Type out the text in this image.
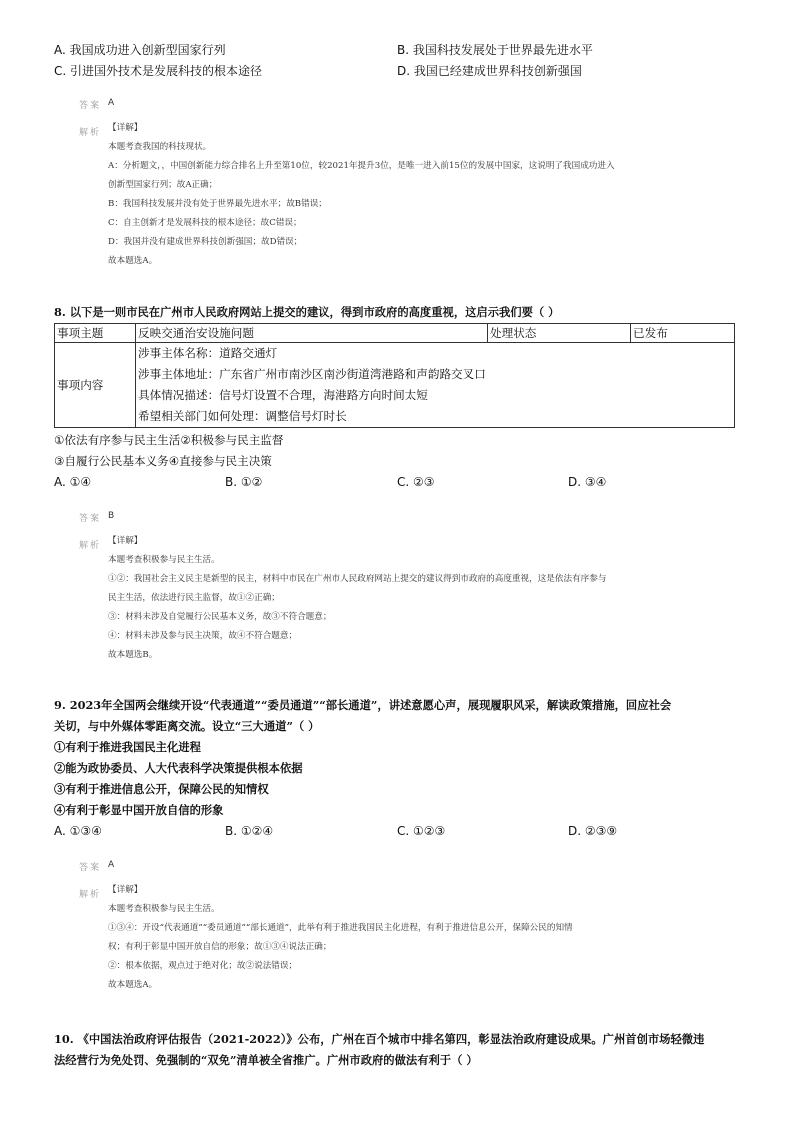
A. 我国成功进入创新型国家行列	B. 我国科技发展处于世界最先进水平
C. 引进国外技术是发展科技的根本途径	D. 我国已经建成世界科技创新强国
答案 A
解析 【详解】
本题考查我国的科技现状。
A：分析题文，，中国创新能力综合排名上升至第10位，较2021年提升3位，是唯一进入前15位的发展中国家，这说明了我国成功进入
创新型国家行列；故A正确；
B：我国科技发展并没有处于世界最先进水平；故B错误；
C：自主创新才是发展科技的根本途径；故C错误；
D：我国并没有建成世界科技创新强国；故D错误；
故本题选A。
8. 以下是一则市民在广州市人民政府网站上提交的建议，得到市政府的高度重视，这启示我们要（ ）
事项主题	反映交通治安设施问题	处理状态	已发布
事项内容	涉事主体名称：道路交通灯
涉事主体地址：广东省广州市南沙区南沙街道湾港路和声韵路交叉口
具体情况描述：信号灯设置不合理，海港路方向时间太短
希望相关部门如何处理：调整信号灯时长		
①依法有序参与民主生活②积极参与民主监督
③自履行公民基本义务④直接参与民主决策
A. ①④	B. ①②	C. ②③	D. ③④
答案 B
解析 【详解】
本题考查积极参与民主生活。
①②：我国社会主义民主是新型的民主，材料中市民在广州市人民政府网站上提交的建议得到市政府的高度重视，这是依法有序参与
民主生活，依法进行民主监督，故①②正确；
③：材料未涉及自觉履行公民基本义务，故③不符合题意；
④：材料未涉及参与民主决策，故④不符合题意；
故本题选B。
9. 2023年全国两会继续开设“代表通道”“委员通道”“部长通道”，讲述意愿心声，展现履职风采，解读政策措施，回应社会
关切，与中外媒体零距离交流。设立“三大通道”（ ）
①有利于推进我国民主化进程
②能为政协委员、人大代表科学决策提供根本依据
③有利于推进信息公开，保障公民的知情权
④有利于彰显中国开放自信的形象
A. ①③④	B. ①②④	C. ①②③	D. ②③⑨
答案 A
解析 【详解】
本题考查积极参与民主生活。
①③④：开设“代表通道”“委员通道”“部长通道”，此举有利于推进我国民主化进程，有利于推进信息公开，保障公民的知情
权；有利于彰显中国开放自信的形象；故①③④说法正确；
②：根本依据，观点过于绝对化；故②说法错误；
故本题选A。
10. 《中国法治政府评估报告（2021-2022）》公布，广州在百个城市中排名第四，彰显法治政府建设成果。广州首创市场轻微违
法经营行为免处罚、免强制的“双免”清单被全省推广。广州市政府的做法有利于（ ）
